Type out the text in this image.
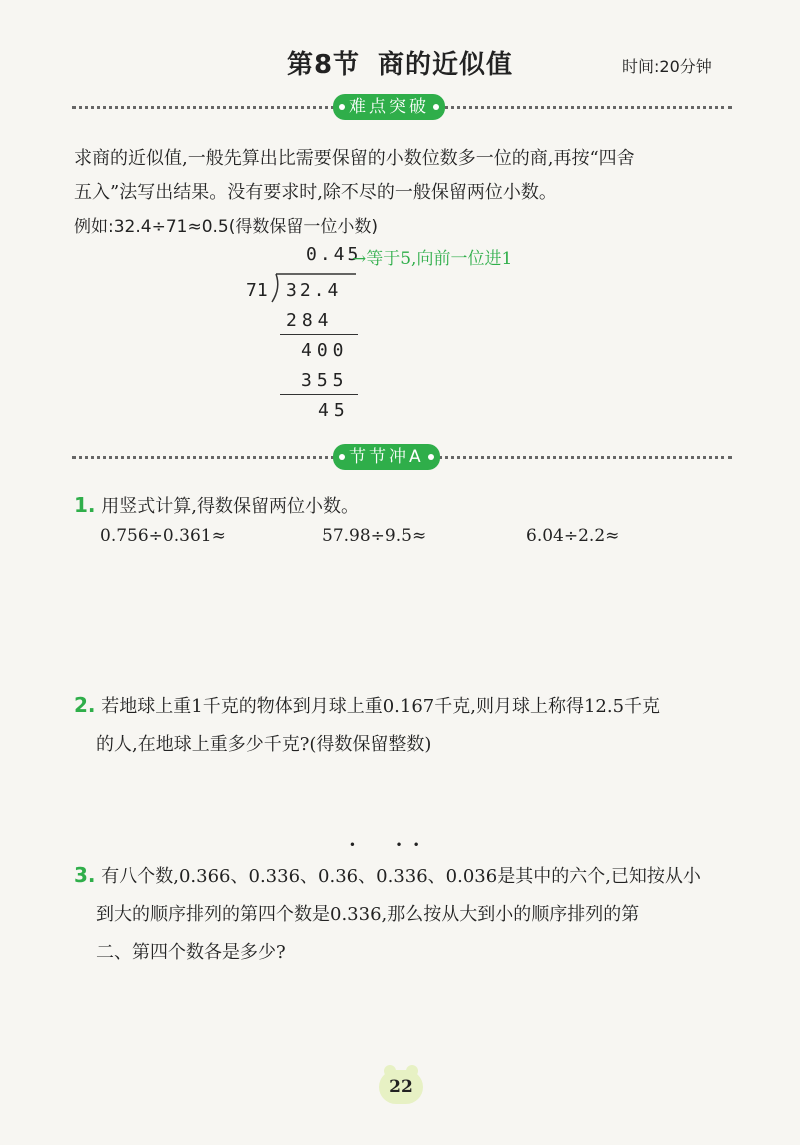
第8节 商的近似值	时间:20分钟
难点突破
求商的近似值,一般先算出比需要保留的小数位数多一位的商,再按“四舍
五入”法写出结果。没有要求时,除不尽的一般保留两位小数。
例如:32.4÷71≈0.5(得数保留一位小数)
0.45
→等于5,向前一位进1
71 32.4
284
400
355
45
节节冲A
1. 用竖式计算,得数保留两位小数。
0.756÷0.361≈	57.98÷9.5≈	6.04÷2.2≈
2. 若地球上重1千克的物体到月球上重0.167千克,则月球上称得12.5千克
的人,在地球上重多少千克?(得数保留整数)
3. 有八个数,0.366、0.336、0.3• 6、0.• 3• 36、0.036是其中的六个,已知按从小
到大的顺序排列的第四个数是0.336,那么按从大到小的顺序排列的第
二、第四个数各是多少?
22
